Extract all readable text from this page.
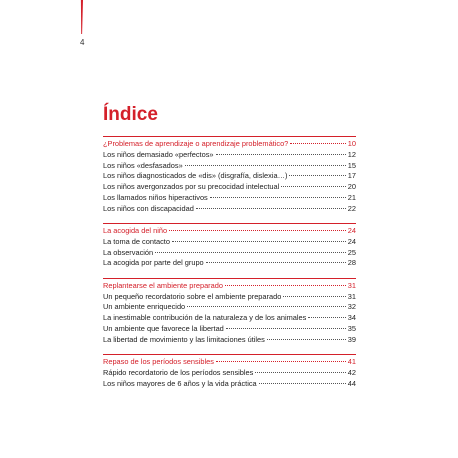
4
Índice
¿Problemas de aprendizaje o aprendizaje problemático?	10
Los niños demasiado «perfectos»	12
Los niños «desfasados»	15
Los niños diagnosticados de «dis» (disgrafía, dislexia…)	17
Los niños avergonzados por su precocidad intelectual	20
Los llamados niños hiperactivos	21
Los niños con discapacidad	22
La acogida del niño	24
La toma de contacto	24
La observación	25
La acogida por parte del grupo	28
Replantearse el ambiente preparado	31
Un pequeño recordatorio sobre el ambiente preparado	31
Un ambiente enriquecido	32
La inestimable contribución de la naturaleza y de los animales	34
Un ambiente que favorece la libertad	35
La libertad de movimiento y las limitaciones útiles	39
Repaso de los períodos sensibles	41
Rápido recordatorio de los períodos sensibles	42
Los niños mayores de 6 años y la vida práctica	44
